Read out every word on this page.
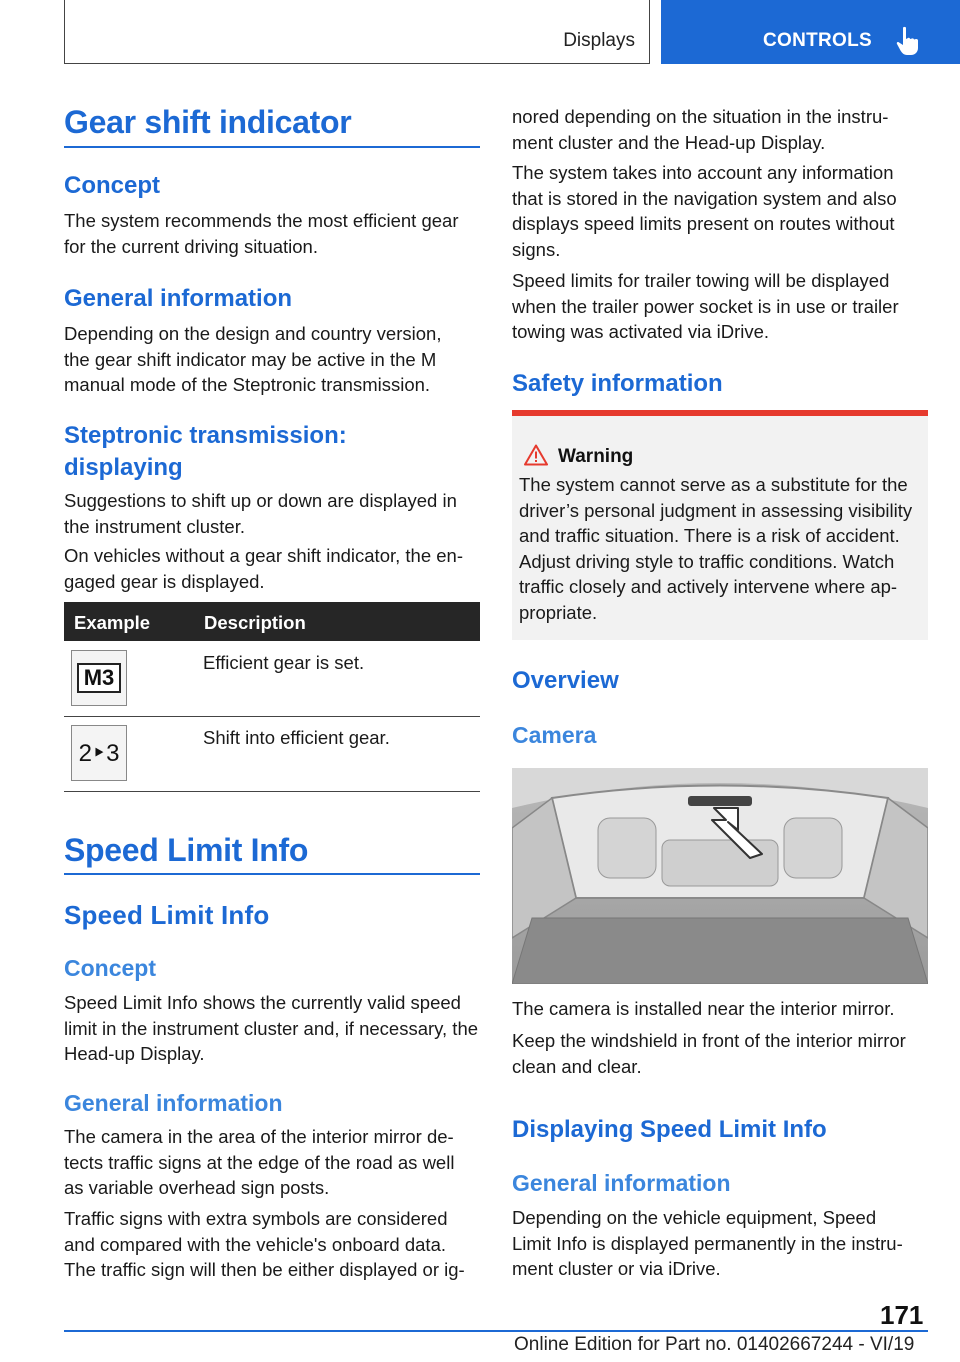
Displays	CONTROLS
Gear shift indicator
Concept

The system recommends the most efficient gear for the current driving situation.

General information

Depending on the design and country version, the gear shift indicator may be active in the M manual mode of the Steptronic transmission.

Steptronic transmission: displaying

Suggestions to shift up or down are displayed in the instrument cluster.

On vehicles without a gear shift indicator, the en‐gaged gear is displayed.

Example	Description
M3

Efficient gear is set.

2‣3

Shift into efficient gear.

Speed Limit Info
Speed Limit Info
Concept

Speed Limit Info shows the currently valid speed limit in the instrument cluster and, if necessary, the Head-up Display.

General information

The camera in the area of the interior mirror de‐tects traffic signs at the edge of the road as well as variable overhead sign posts.

Traffic signs with extra symbols are considered and compared with the vehicle's onboard data. The traffic sign will then be either displayed or ig‐

nored depending on the situation in the instru‐ment cluster and the Head-up Display.

The system takes into account any information that is stored in the navigation system and also displays speed limits present on routes without signs.

Speed limits for trailer towing will be displayed when the trailer power socket is in use or trailer towing was activated via iDrive.

Safety information
Warning
The system cannot serve as a substitute for the driver’s personal judgment in assessing visibility and traffic situation. There is a risk of accident. Adjust driving style to traffic conditions. Watch traffic closely and actively intervene where ap‐propriate.
Overview
Camera

The camera is installed near the interior mirror.

Keep the windshield in front of the interior mirror clean and clear.

Displaying Speed Limit Info
General information

Depending on the vehicle equipment, Speed Limit Info is displayed permanently in the instru‐ment cluster or via iDrive.

171
Online Edition for Part no. 01402667244 - VI/19
